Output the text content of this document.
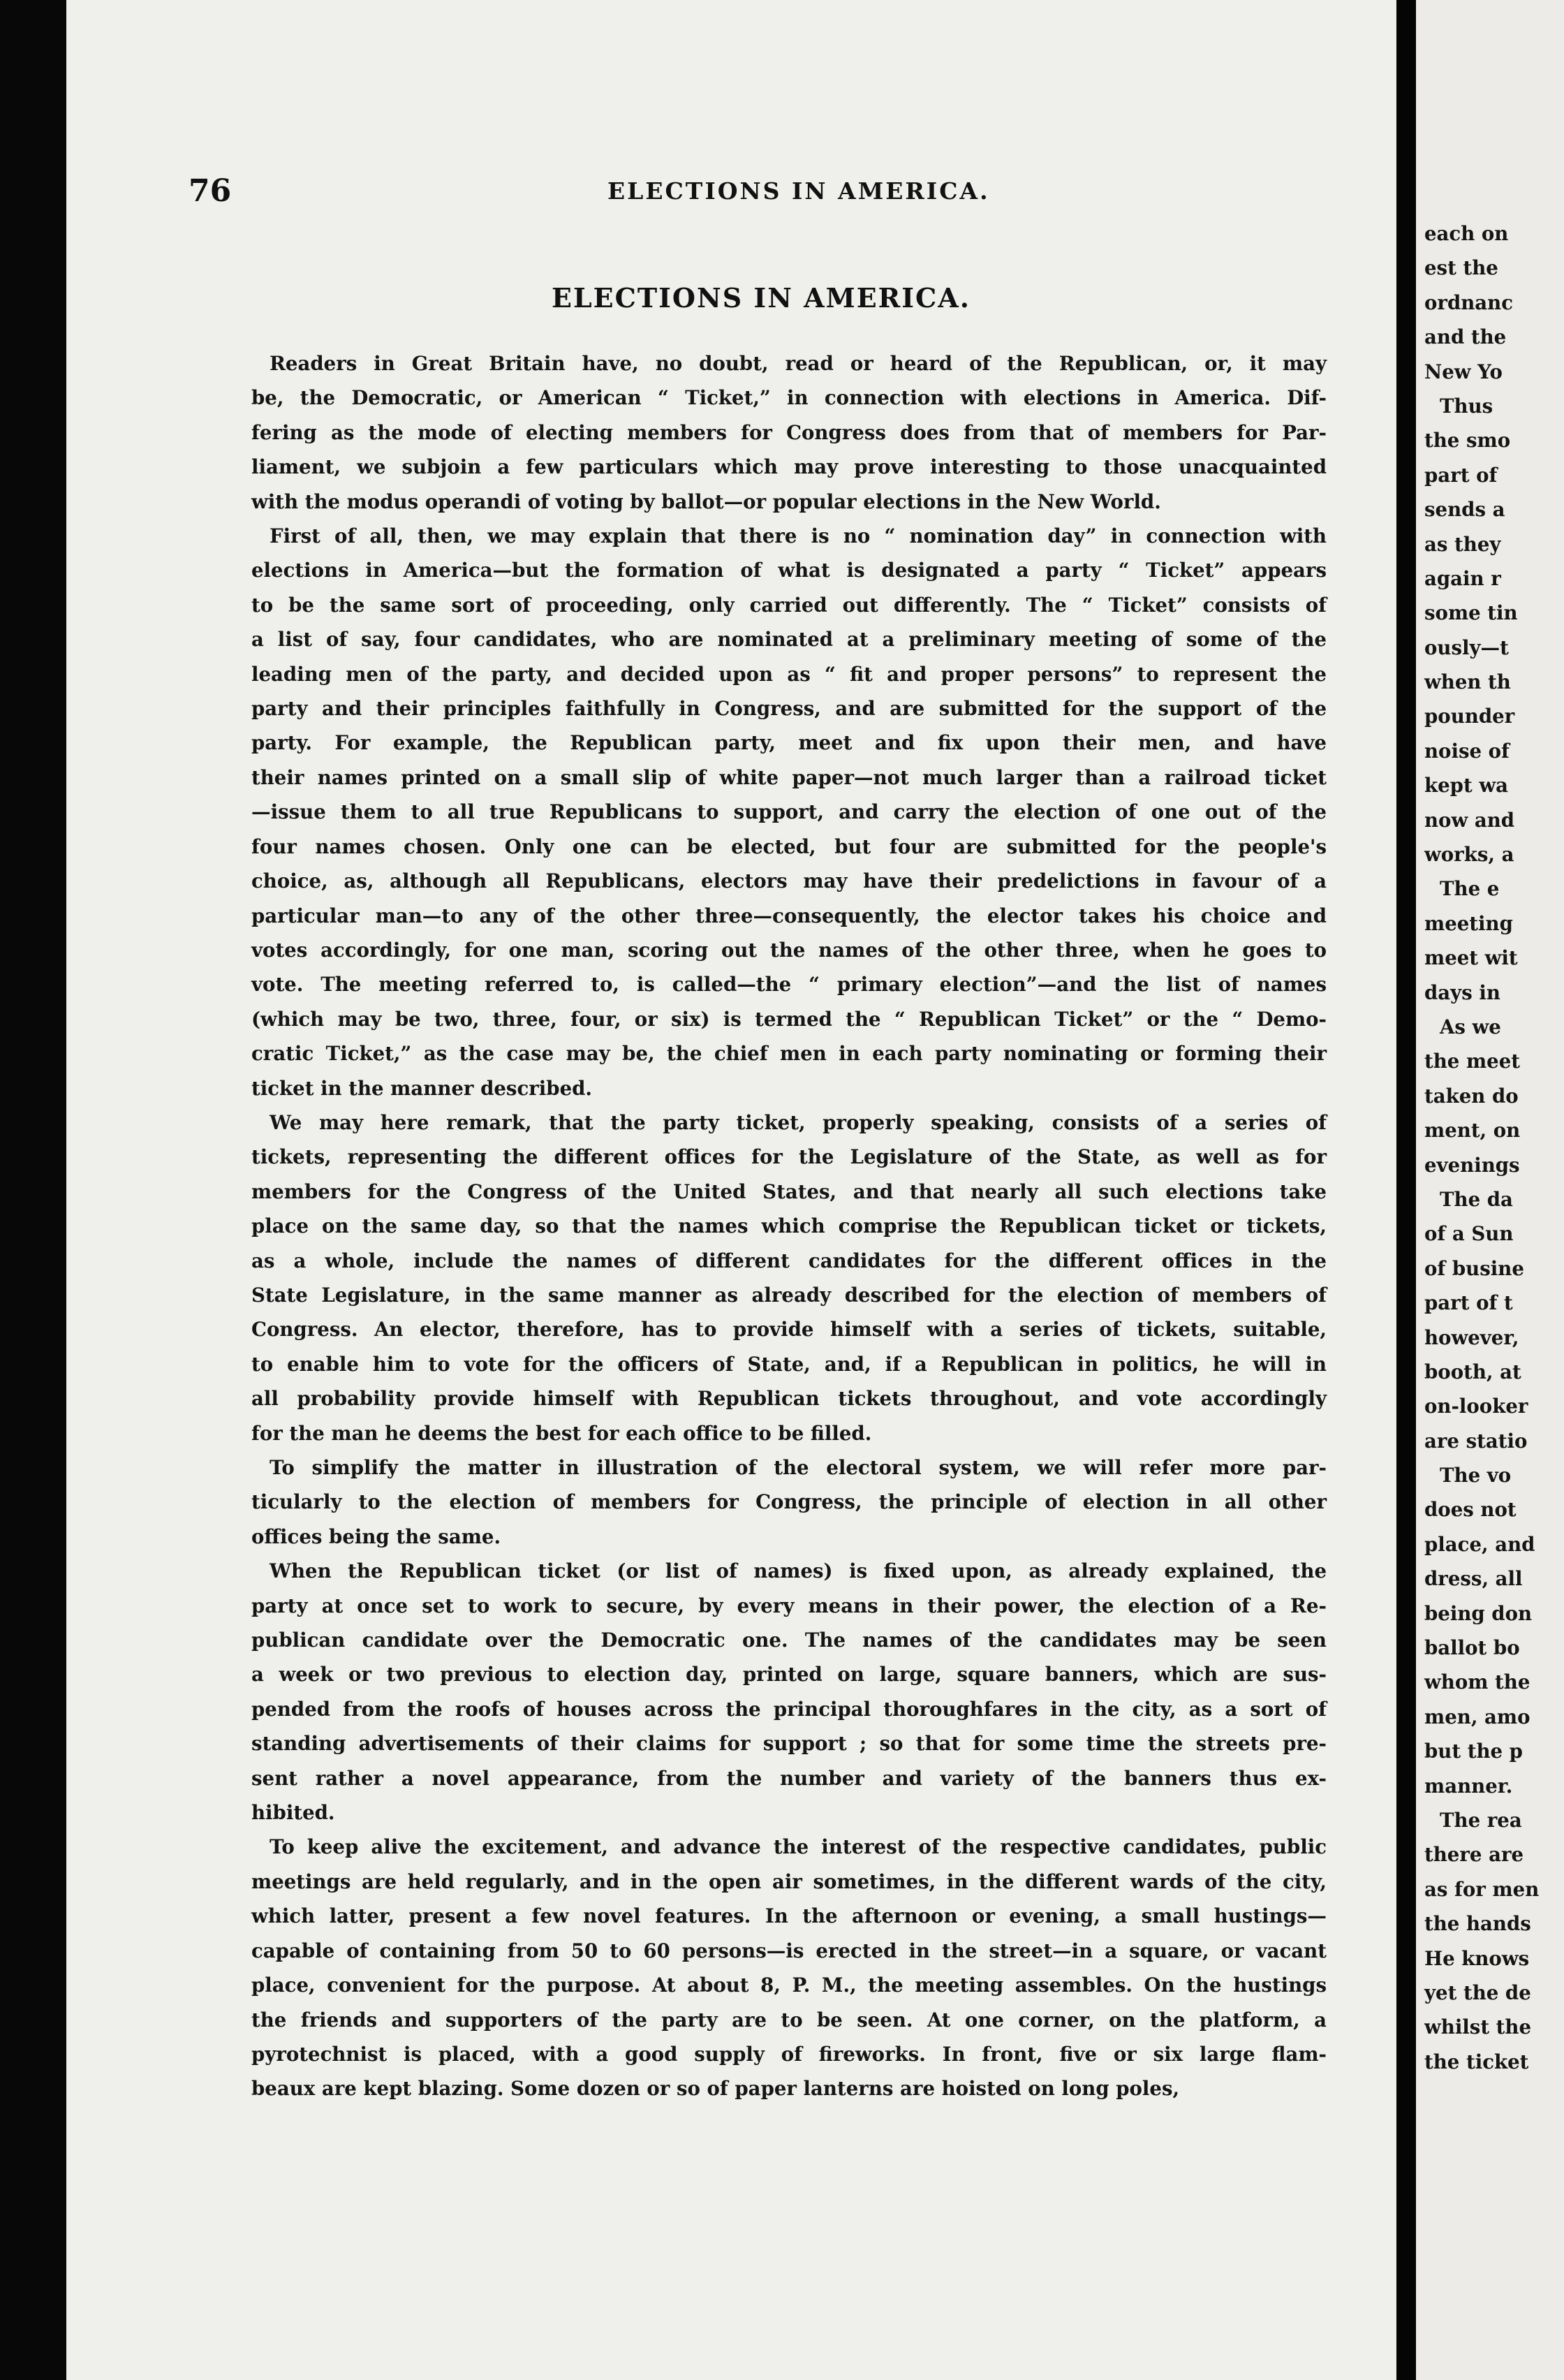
76	ELECTIONS IN AMERICA.
ELECTIONS IN AMERICA.

Readers in Great Britain have, no doubt, read or heard of the Republican, or, it may
be, the Democratic, or American “ Ticket,” in connection with elections in America. Dif-
fering as the mode of electing members for Congress does from that of members for Par-
liament, we subjoin a few particulars which may prove interesting to those unacquainted
with the modus operandi of voting by ballot—or popular elections in the New World.

First of all, then, we may explain that there is no “ nomination day” in connection with
elections in America—but the formation of what is designated a party “ Ticket” appears
to be the same sort of proceeding, only carried out differently. The “ Ticket” consists of
a list of say, four candidates, who are nominated at a preliminary meeting of some of the
leading men of the party, and decided upon as “ fit and proper persons” to represent the
party and their principles faithfully in Congress, and are submitted for the support of the
party. For example, the Republican party, meet and fix upon their men, and have
their names printed on a small slip of white paper—not much larger than a railroad ticket
—issue them to all true Republicans to support, and carry the election of one out of the
four names chosen. Only one can be elected, but four are submitted for the people's
choice, as, although all Republicans, electors may have their predelictions in favour of a
particular man—to any of the other three—consequently, the elector takes his choice and
votes accordingly, for one man, scoring out the names of the other three, when he goes to
vote. The meeting referred to, is called—the “ primary election”—and the list of names
(which may be two, three, four, or six) is termed the “ Republican Ticket” or the “ Demo-
cratic Ticket,” as the case may be, the chief men in each party nominating or forming their
ticket in the manner described.

We may here remark, that the party ticket, properly speaking, consists of a series of
tickets, representing the different offices for the Legislature of the State, as well as for
members for the Congress of the United States, and that nearly all such elections take
place on the same day, so that the names which comprise the Republican ticket or tickets,
as a whole, include the names of different candidates for the different offices in the
State Legislature, in the same manner as already described for the election of members of
Congress. An elector, therefore, has to provide himself with a series of tickets, suitable,
to enable him to vote for the officers of State, and, if a Republican in politics, he will in
all probability provide himself with Republican tickets throughout, and vote accordingly
for the man he deems the best for each office to be filled.

To simplify the matter in illustration of the electoral system, we will refer more par-
ticularly to the election of members for Congress, the principle of election in all other
offices being the same.

When the Republican ticket (or list of names) is fixed upon, as already explained, the
party at once set to work to secure, by every means in their power, the election of a Re-
publican candidate over the Democratic one. The names of the candidates may be seen
a week or two previous to election day, printed on large, square banners, which are sus-
pended from the roofs of houses across the principal thoroughfares in the city, as a sort of
standing advertisements of their claims for support ; so that for some time the streets pre-
sent rather a novel appearance, from the number and variety of the banners thus ex-
hibited.

To keep alive the excitement, and advance the interest of the respective candidates, public
meetings are held regularly, and in the open air sometimes, in the different wards of the city,
which latter, present a few novel features. In the afternoon or evening, a small hustings—
capable of containing from 50 to 60 persons—is erected in the street—in a square, or vacant
place, convenient for the purpose. At about 8, P. M., the meeting assembles. On the hustings
the friends and supporters of the party are to be seen. At one corner, on the platform, a
pyrotechnist is placed, with a good supply of fireworks. In front, five or six large flam-
beaux are kept blazing. Some dozen or so of paper lanterns are hoisted on long poles,

each on
est the
ordnanc
and the
New Yo
Thus
the smo
part of
sends a
as they
again r
some tin
ously—t
when th
pounder
noise of
kept wa
now and
works, a
The e
meeting
meet wit
days in
As we
the meet
taken do
ment, on
evenings
The da
of a Sun
of busine
part of t
however,
booth, at
on-looker
are statio
The vo
does not
place, and
dress, all
being don
ballot bo
whom the
men, amo
but the p
manner.
The rea
there are
as for men
the hands
He knows
yet the de
whilst the
the ticket
